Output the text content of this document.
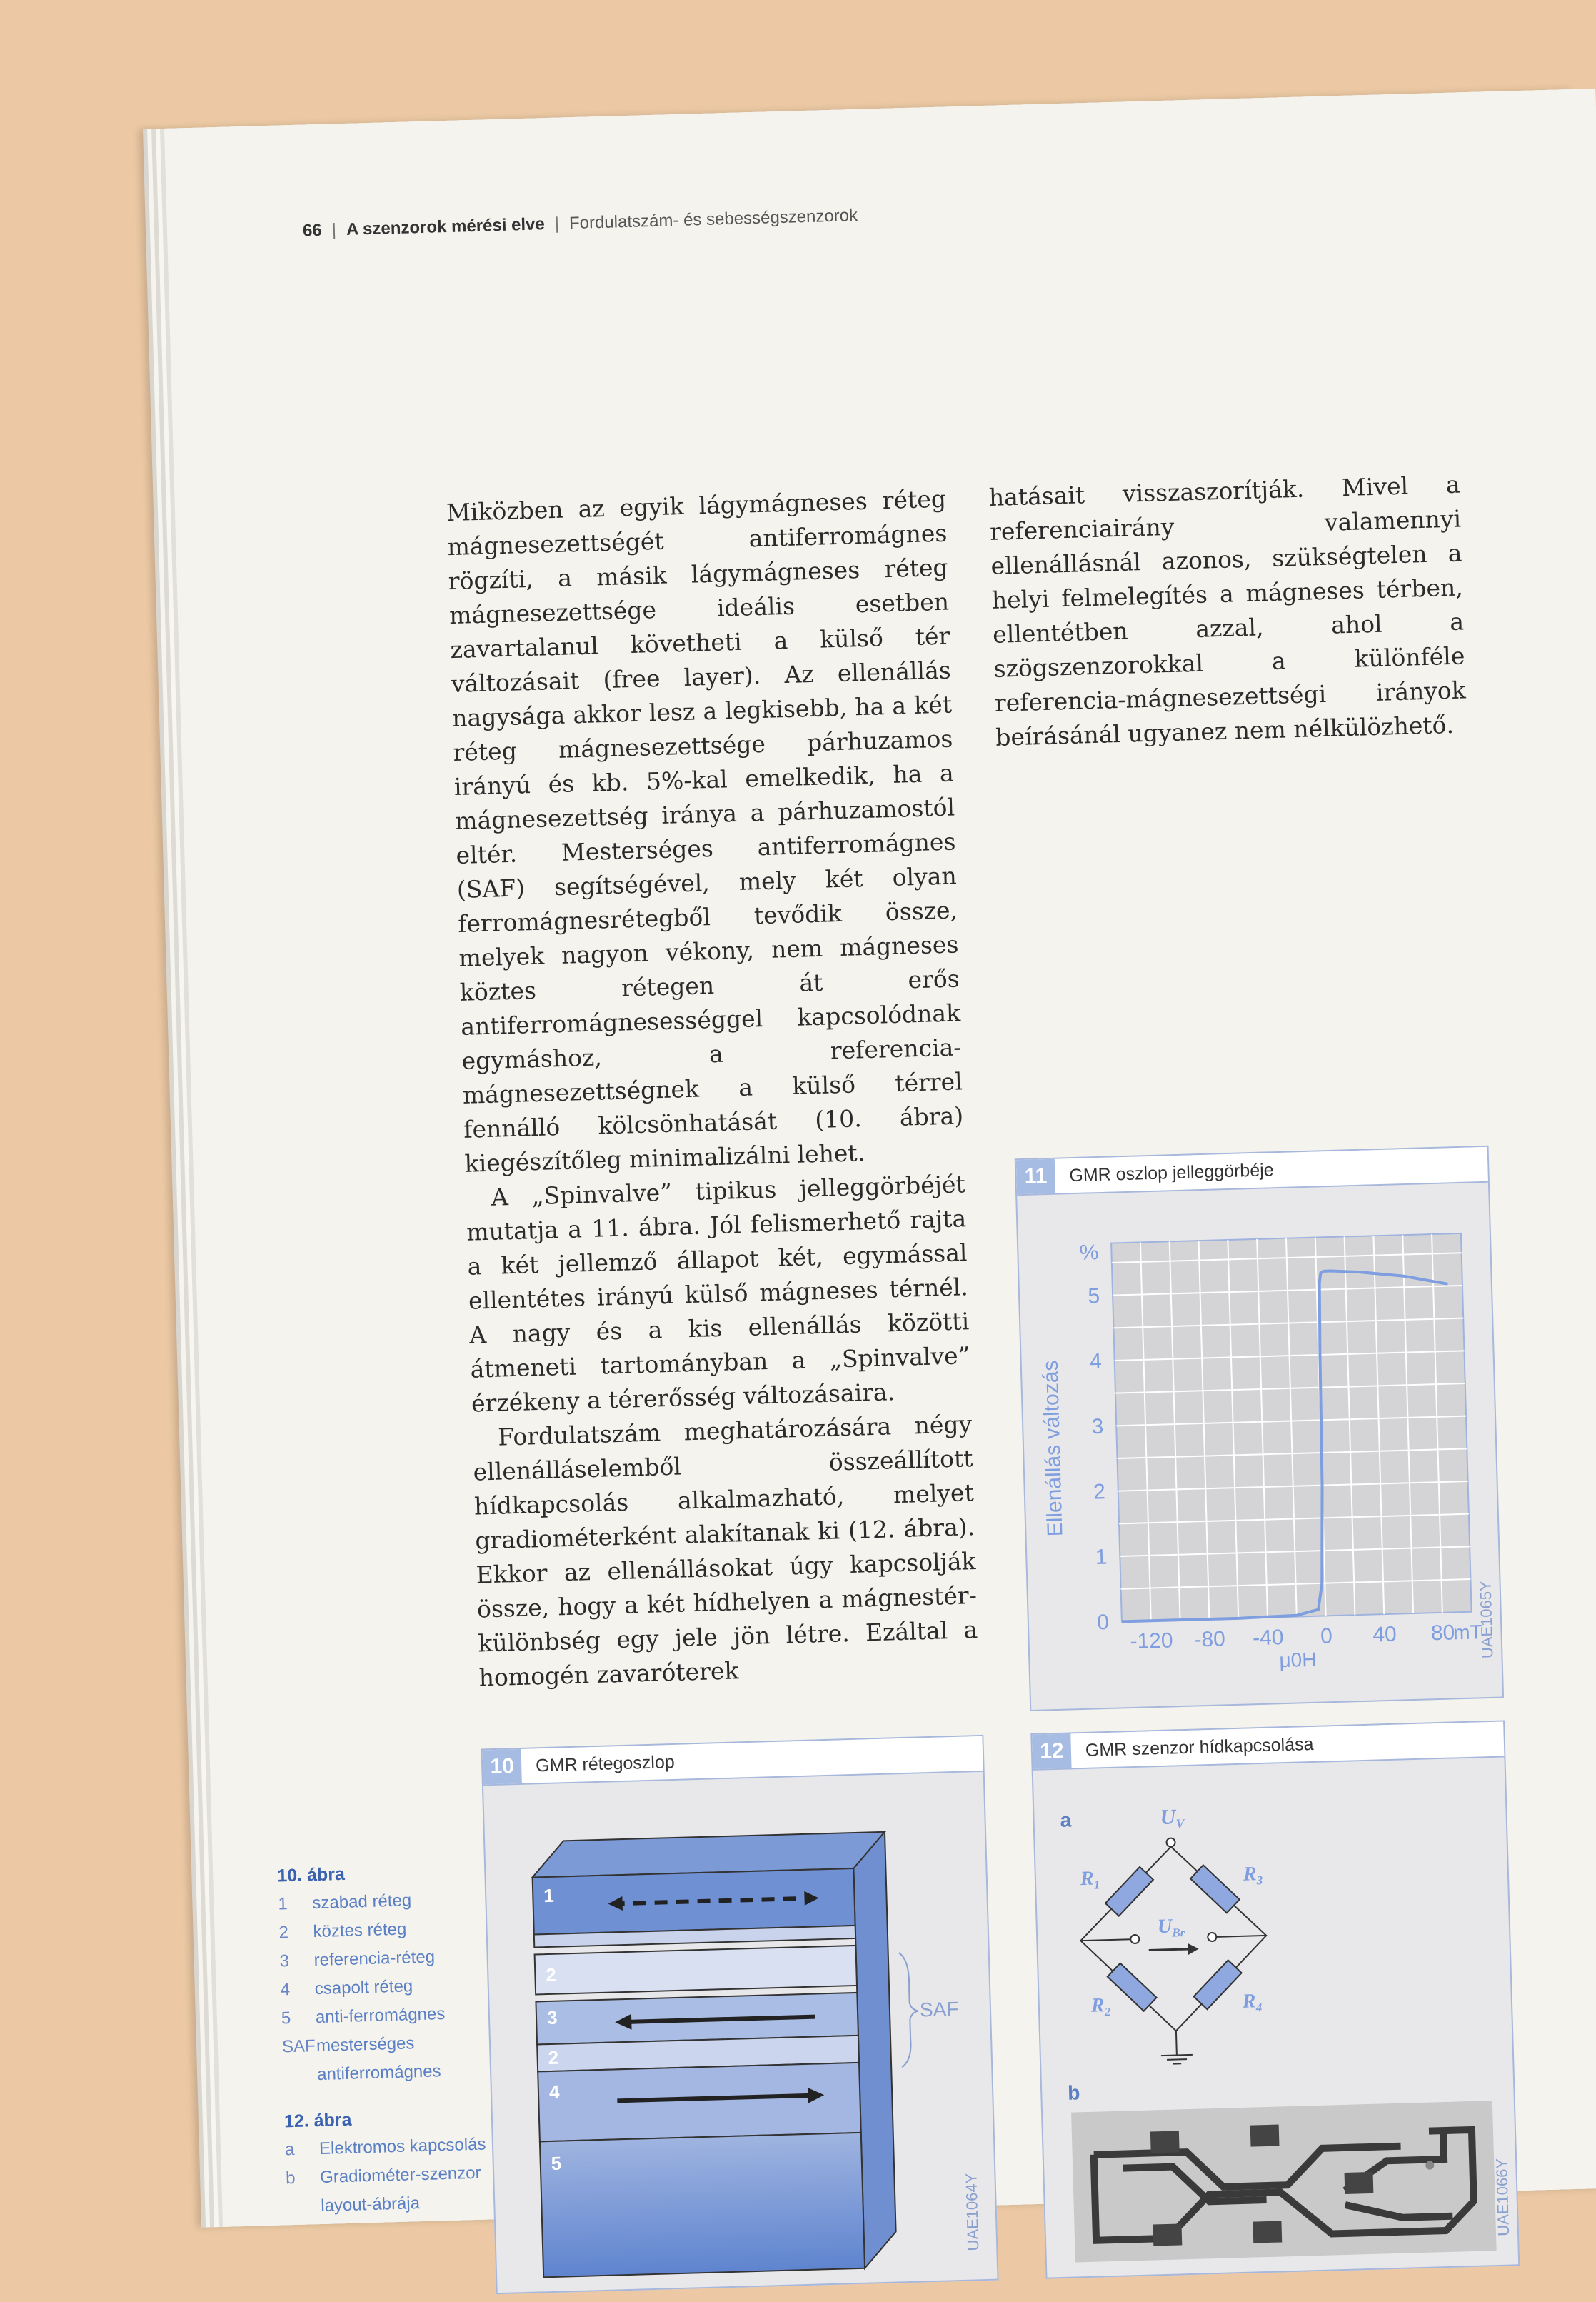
66 | A szenzorok mérési elve | Fordulatszám- és sebességszenzorok

Miközben az egyik lágymágneses réteg mágnesezettségét antiferromágnes rögzíti, a másik lágymágneses réteg mágnesezettsége ideális esetben zavartalanul követheti a külső tér változásait (free layer). Az ellenállás nagysága akkor lesz a legkisebb, ha a két réteg mágnesezettsége párhuzamos irányú és kb. 5%-kal emelkedik, ha a mágnesezettség iránya a párhuzamostól eltér. Mesterséges antiferromágnes (SAF) segítségével, mely két olyan ferromágnesrétegből tevődik össze, melyek nagyon vékony, nem mágneses köztes rétegen át erős antiferromágnesességgel kapcsolódnak egymáshoz, a referencia-mágnesezettségnek a külső térrel fennálló kölcsönhatását (10. ábra) kiegészítőleg minimalizálni lehet.

A „Spinvalve” tipikus jelleggörbéjét mutatja a 11. ábra. Jól felismerhető rajta a két jellemző állapot két, egymással ellentétes irányú külső mágneses térnél. A nagy és a kis ellenállás közötti átmeneti tartományban a „Spinvalve” érzékeny a térerősség változásaira.

Fordulatszám meghatározására négy ellenálláselemből összeállított hídkapcsolás alkalmazható, melyet gradiométerként alakítanak ki (12. ábra). Ekkor az ellenállásokat úgy kapcsolják össze, hogy a két hídhelyen a mágnestér-különbség egy jele jön létre. Ezáltal a homogén zavaróterek

hatásait visszaszorítják. Mivel a referenciairány valamennyi ellenállásnál azonos, szükségtelen a helyi felmelegítés a mágneses térben, ellentétben azzal, ahol a szögszenzorokkal a különféle referencia-mágnesezettségi irányok beírásánál ugyanez nem nélkülözhető.

10. ábra
1	szabad réteg
2	köztes réteg
3	referencia-réteg
4	csapolt réteg
5	anti-ferromágnes
SAF mesterséges antiferromágnes
12. ábra
a	Elektromos kapcsolás
b	Gradiométer-szenzor layout-ábrája
11	GMR oszlop jelleggörbéje
0
1
2
3
4
5
%
-120 -80 -40 0 40 80
mT
μ0H
Ellenállás változás
UAE1065Y
10	GMR rétegoszlop
SAF
1
2
3
2
4
5
UAE1064Y
12	GMR szenzor hídkapcsolása
a	$U_V$
$U_{Br}$
$R_1$	$R_3$
$R_2$	$R_4$
b
UAE1066Y
